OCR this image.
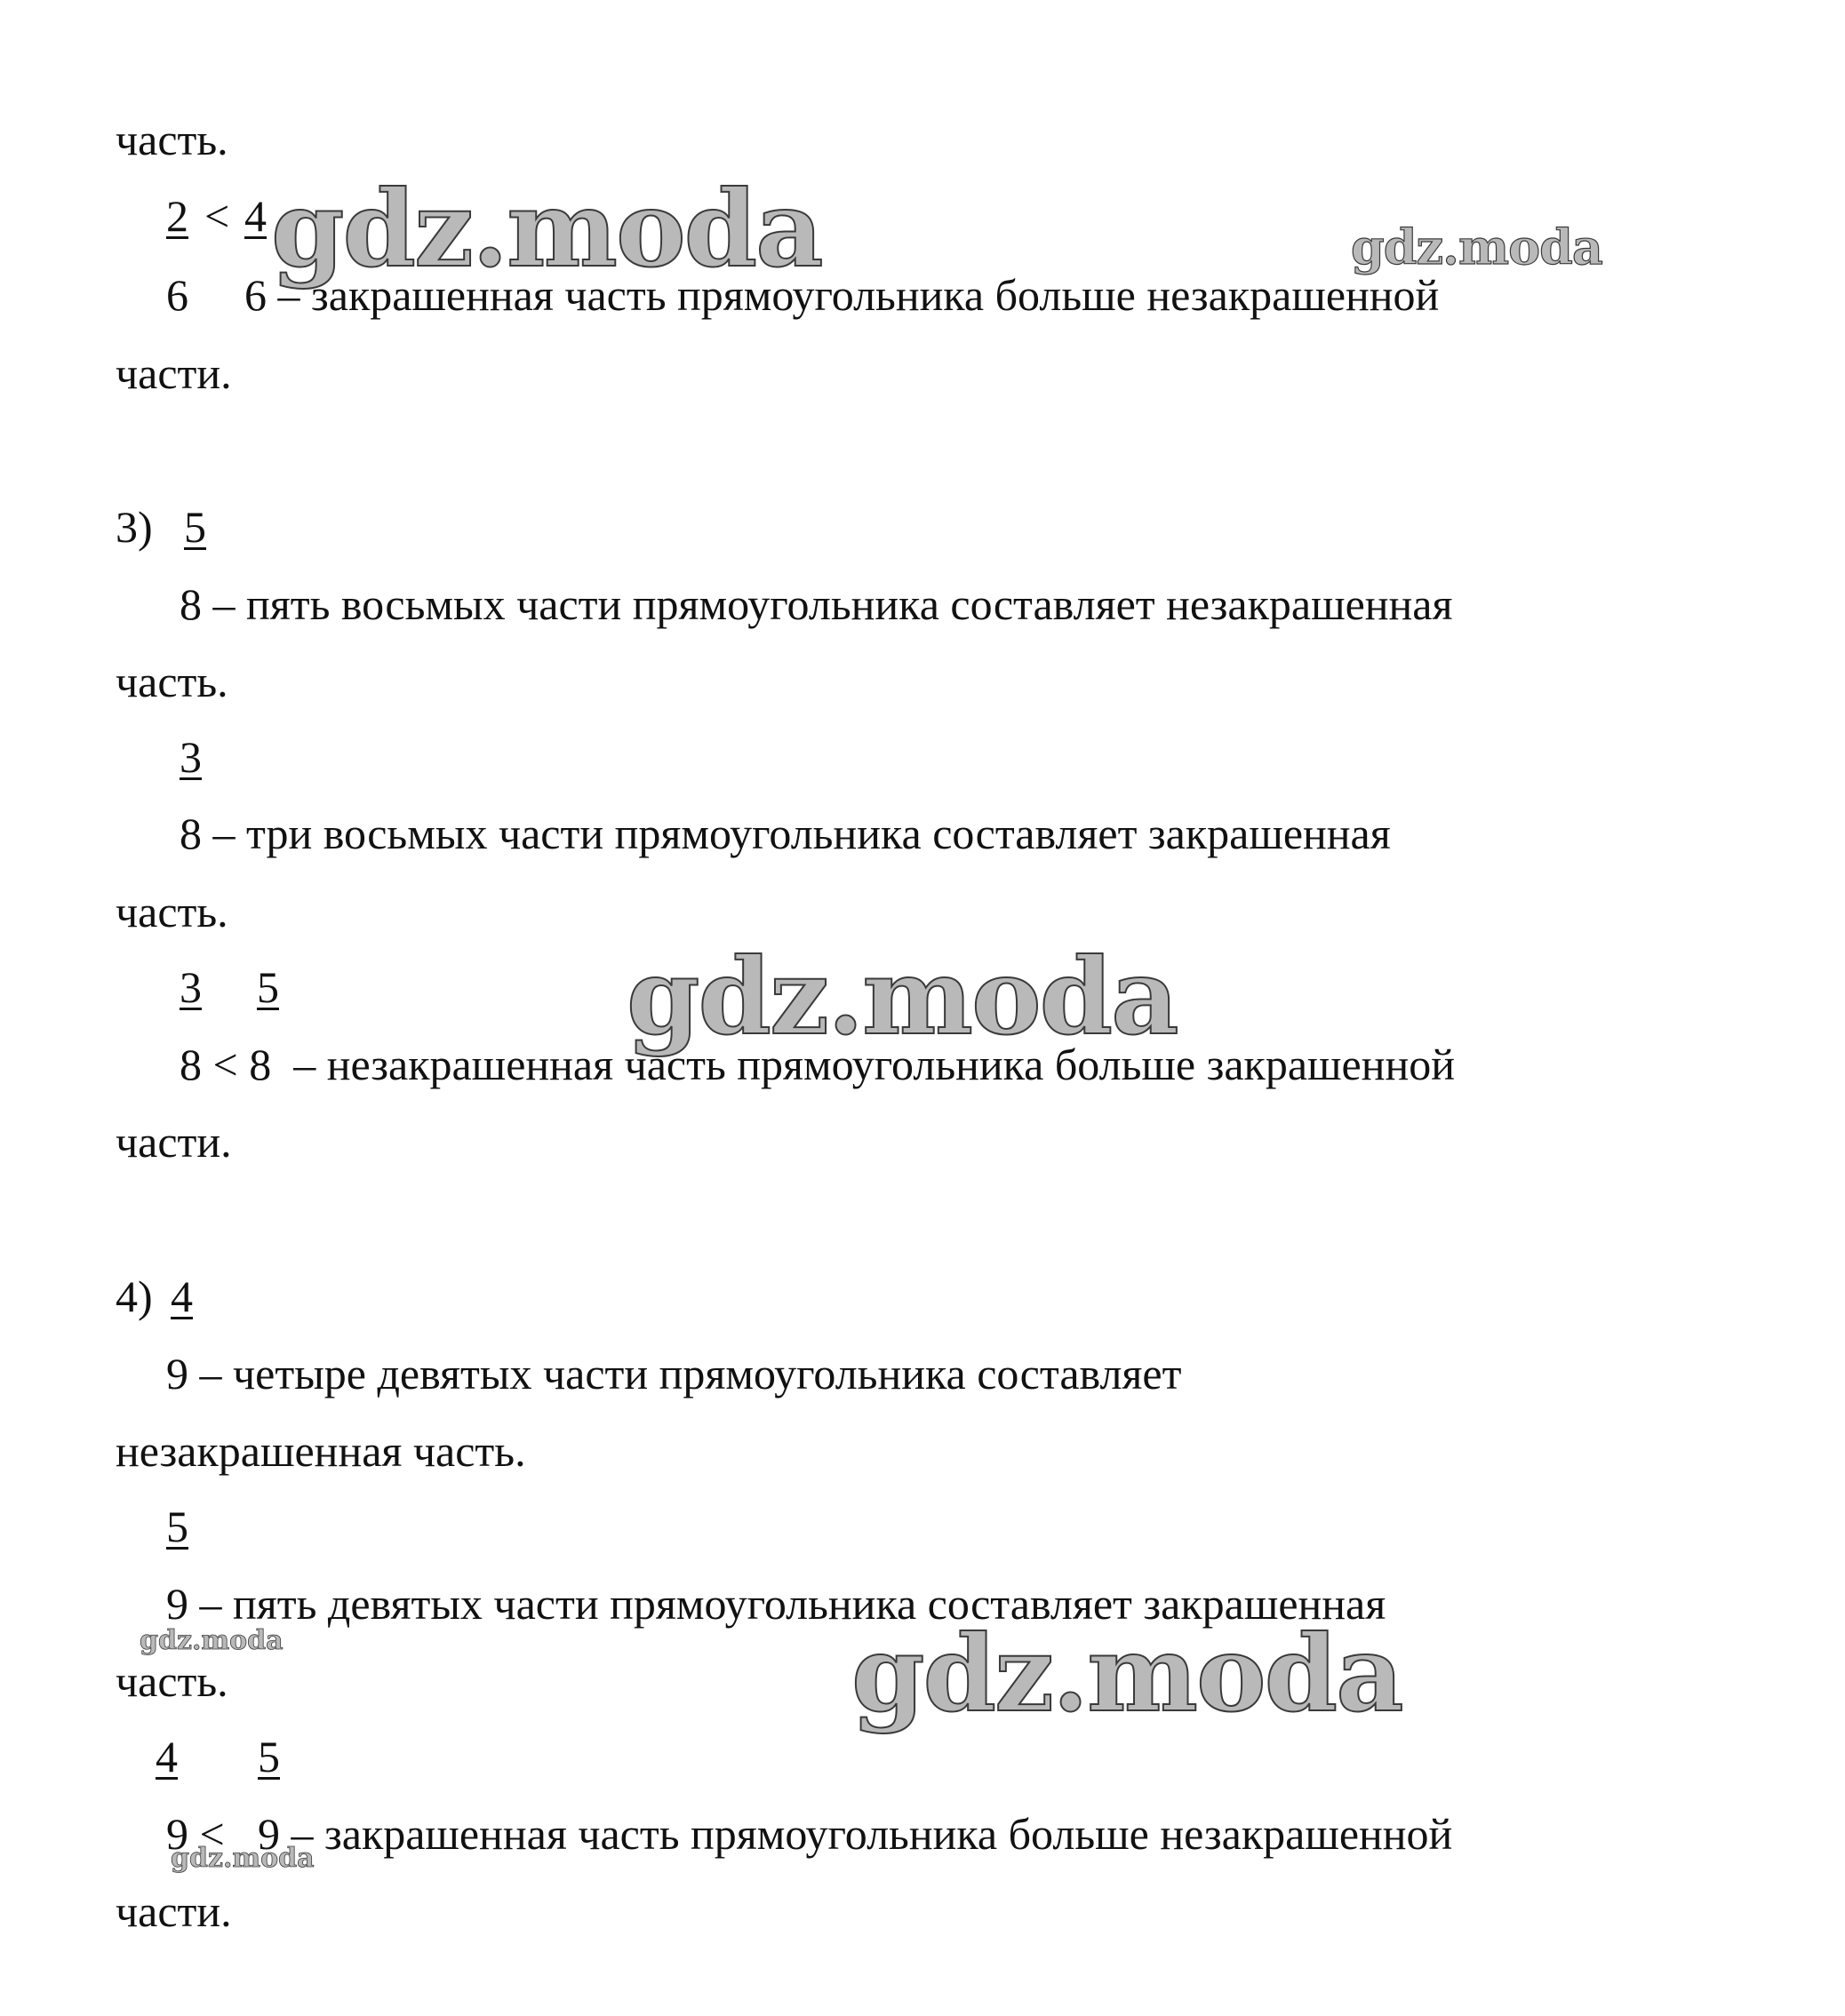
часть.
2 < 4
6 6 – закрашенная часть прямоугольника больше незакрашенной
части.
3) 5
8 – пять восьмых части прямоугольника составляет незакрашенная
часть.
3
8 – три восьмых части прямоугольника составляет закрашенная
часть.
3 5
8 < 8  – незакрашенная часть прямоугольника больше закрашенной
части.
4) 4
9 – четыре девятых части прямоугольника составляет
незакрашенная часть.
5
9 – пять девятых части прямоугольника составляет закрашенная
часть.
4 5
9 < 9 – закрашенная часть прямоугольника больше незакрашенной
части.
gdz.moda	gdz.moda
gdz.moda
gdz.moda
gdz.moda
gdz.moda
